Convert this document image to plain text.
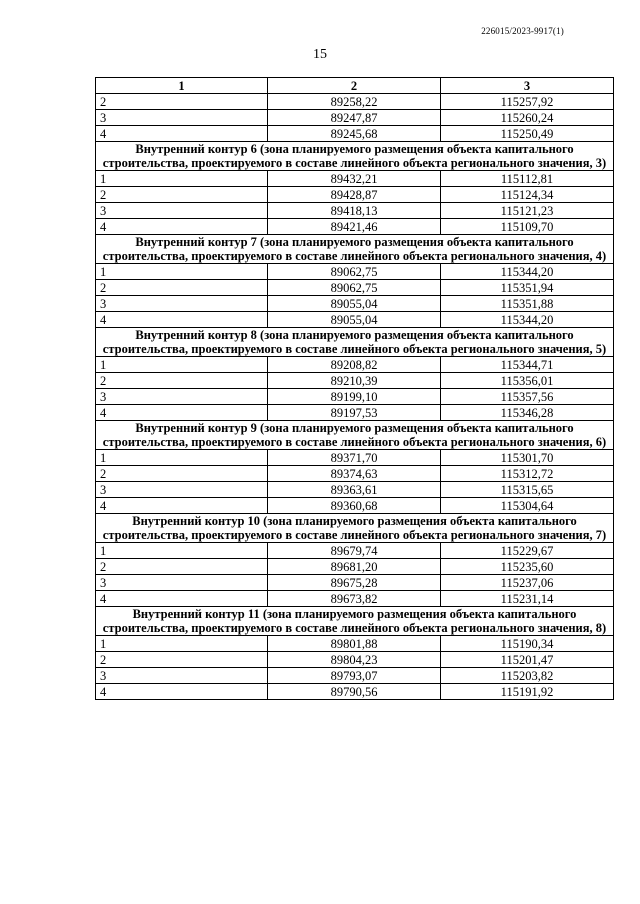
226015/2023-9917(1)
15
1	2	3
2	89258,22	115257,92
3	89247,87	115260,24
4	89245,68	115250,49
Внутренний контур 6 (зона планируемого размещения объекта капитального строительства, проектируемого в составе линейного объекта регионального значения, 3)		
1	89432,21	115112,81
2	89428,87	115124,34
3	89418,13	115121,23
4	89421,46	115109,70
Внутренний контур 7 (зона планируемого размещения объекта капитального строительства, проектируемого в составе линейного объекта регионального значения, 4)		
1	89062,75	115344,20
2	89062,75	115351,94
3	89055,04	115351,88
4	89055,04	115344,20
Внутренний контур 8 (зона планируемого размещения объекта капитального строительства, проектируемого в составе линейного объекта регионального значения, 5)		
1	89208,82	115344,71
2	89210,39	115356,01
3	89199,10	115357,56
4	89197,53	115346,28
Внутренний контур 9 (зона планируемого размещения объекта капитального строительства, проектируемого в составе линейного объекта регионального значения, 6)		
1	89371,70	115301,70
2	89374,63	115312,72
3	89363,61	115315,65
4	89360,68	115304,64
Внутренний контур 10 (зона планируемого размещения объекта капитального строительства, проектируемого в составе линейного объекта регионального значения, 7)		
1	89679,74	115229,67
2	89681,20	115235,60
3	89675,28	115237,06
4	89673,82	115231,14
Внутренний контур 11 (зона планируемого размещения объекта капитального строительства, проектируемого в составе линейного объекта регионального значения, 8)		
1	89801,88	115190,34
2	89804,23	115201,47
3	89793,07	115203,82
4	89790,56	115191,92
